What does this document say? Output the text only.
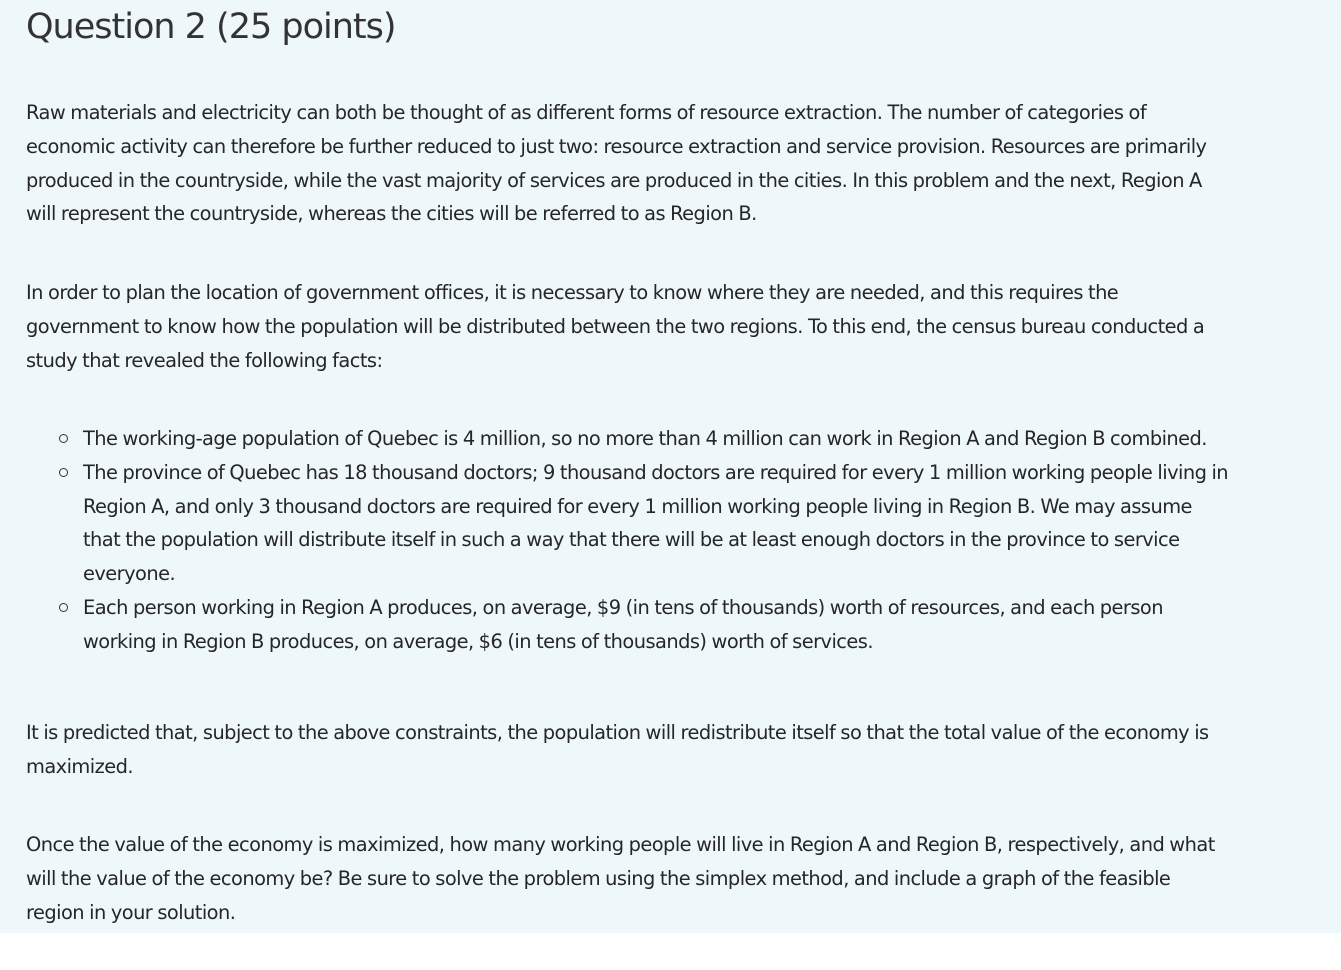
Question 2 (25 points)

Raw materials and electricity can both be thought of as different forms of resource extraction. The number of categories of
economic activity can therefore be further reduced to just two: resource extraction and service provision. Resources are primarily
produced in the countryside, while the vast majority of services are produced in the cities. In this problem and the next, Region A
will represent the countryside, whereas the cities will be referred to as Region B.

In order to plan the location of government offices, it is necessary to know where they are needed, and this requires the
government to know how the population will be distributed between the two regions. To this end, the census bureau conducted a
study that revealed the following facts:

The working-age population of Quebec is 4 million, so no more than 4 million can work in Region A and Region B combined.
The province of Quebec has 18 thousand doctors; 9 thousand doctors are required for every 1 million working people living in
Region A, and only 3 thousand doctors are required for every 1 million working people living in Region B. We may assume
that the population will distribute itself in such a way that there will be at least enough doctors in the province to service
everyone.
Each person working in Region A produces, on average, $9 (in tens of thousands) worth of resources, and each person
working in Region B produces, on average, $6 (in tens of thousands) worth of services.

It is predicted that, subject to the above constraints, the population will redistribute itself so that the total value of the economy is
maximized.

Once the value of the economy is maximized, how many working people will live in Region A and Region B, respectively, and what
will the value of the economy be? Be sure to solve the problem using the simplex method, and include a graph of the feasible
region in your solution.
